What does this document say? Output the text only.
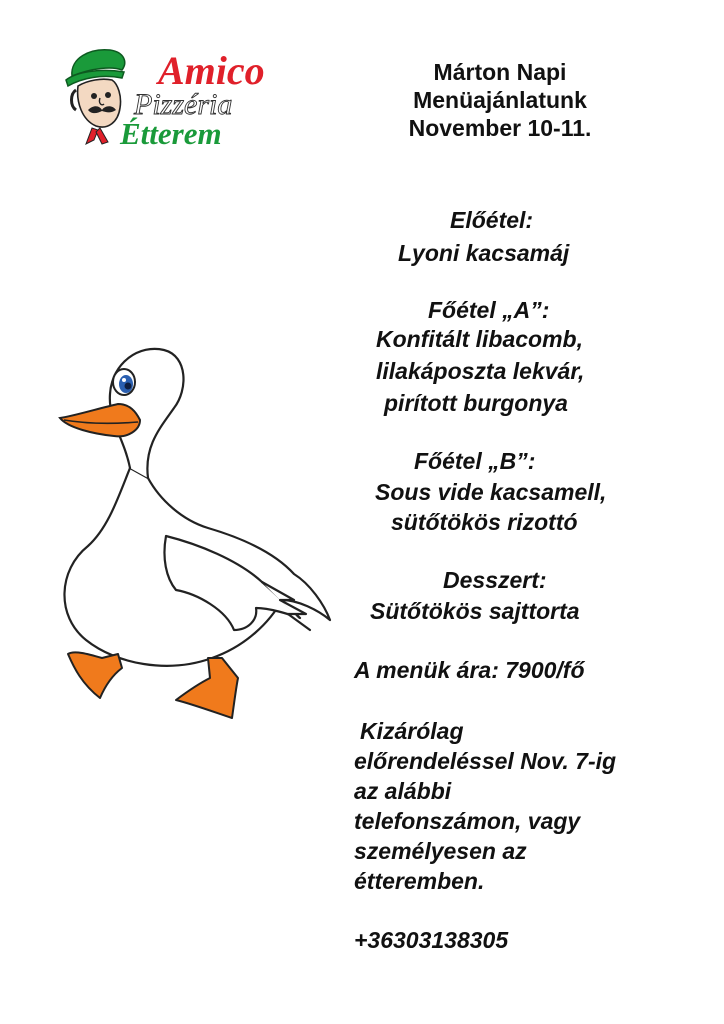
Amico
Pizzéria
Étterem
Márton Napi
Menüajánlatunk
November 10-11.
Előétel:
Lyoni kacsamáj
Főétel „A”:
Konfitált libacomb,
lilakáposzta lekvár,
pirított burgonya
Főétel „B”:
Sous vide kacsamell,
sütőtökös rizottó
Desszert:
Sütőtökös sajttorta
A menük ára: 7900/fő
Kizárólag
előrendeléssel Nov. 7-ig
az alábbi
telefonszámon, vagy
személyesen az
étteremben.
+36303138305
